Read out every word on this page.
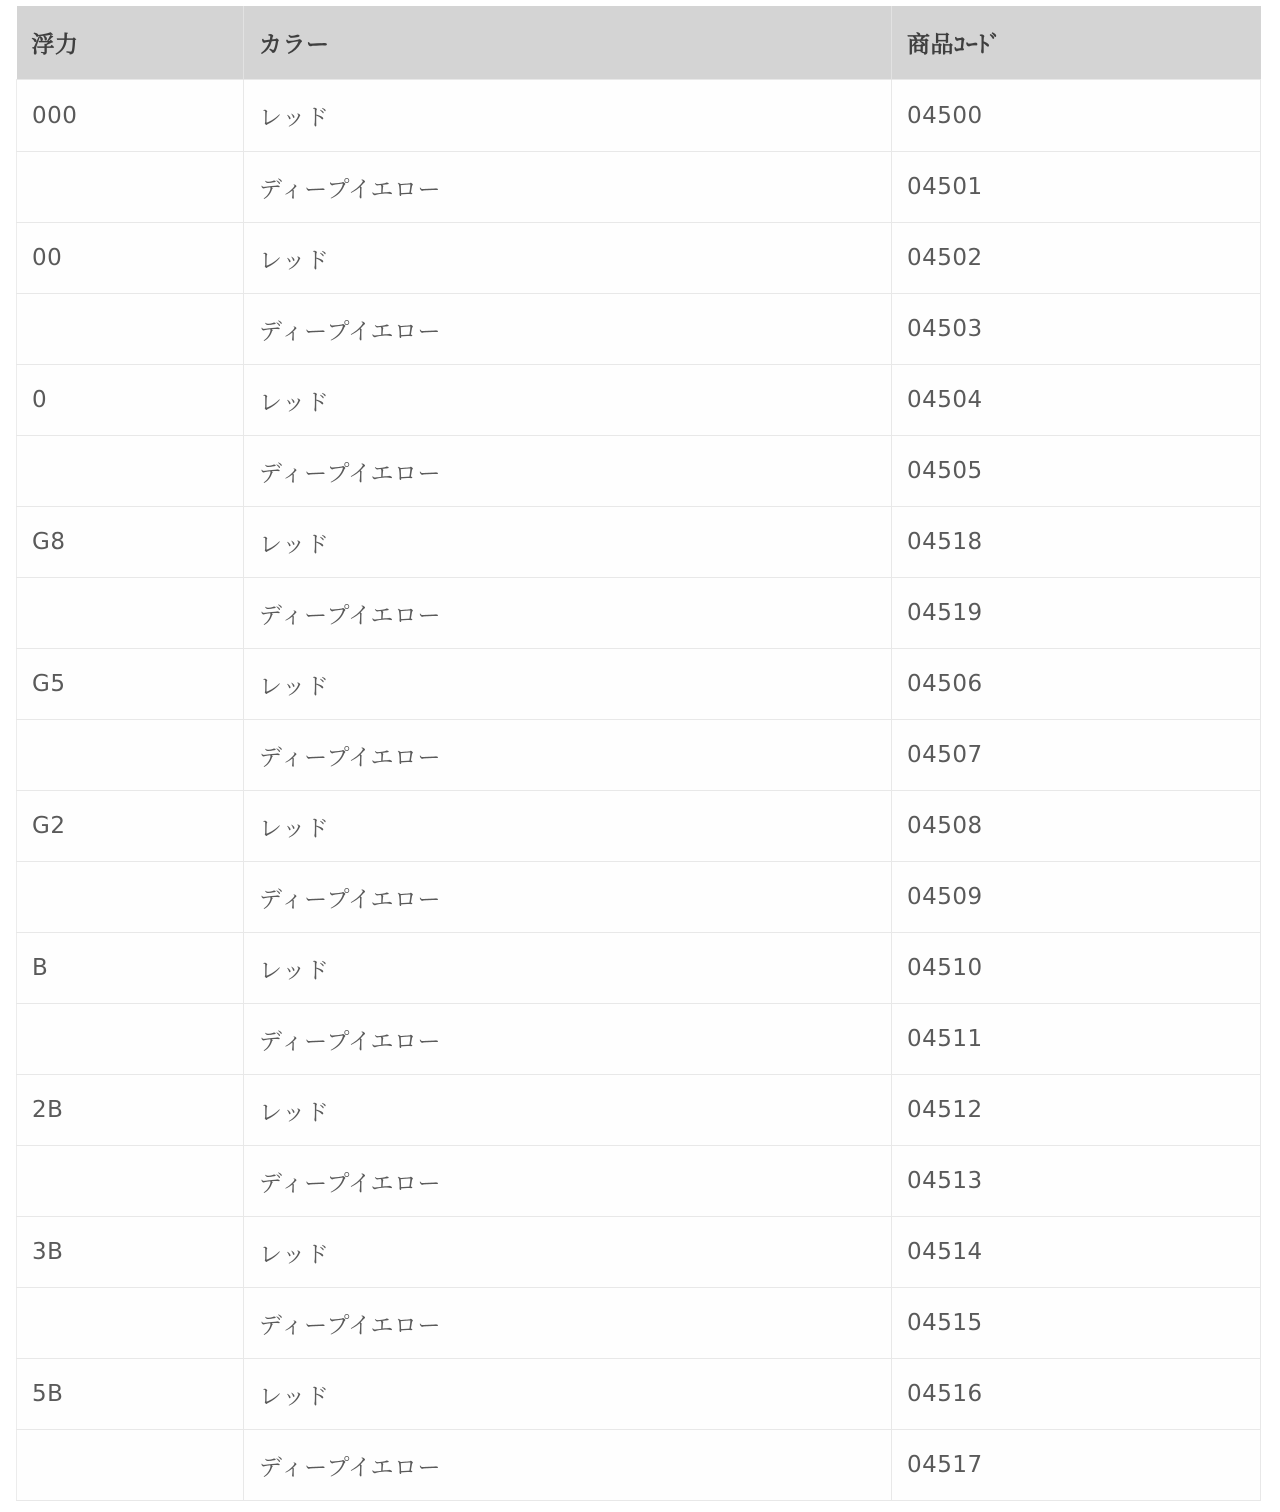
浮力	カラー	商品ｺｰﾄﾞ
000	レッド	04500
	ディープイエロー	04501
00	レッド	04502
	ディープイエロー	04503
0	レッド	04504
	ディープイエロー	04505
G8	レッド	04518
	ディープイエロー	04519
G5	レッド	04506
	ディープイエロー	04507
G2	レッド	04508
	ディープイエロー	04509
B	レッド	04510
	ディープイエロー	04511
2B	レッド	04512
	ディープイエロー	04513
3B	レッド	04514
	ディープイエロー	04515
5B	レッド	04516
	ディープイエロー	04517
